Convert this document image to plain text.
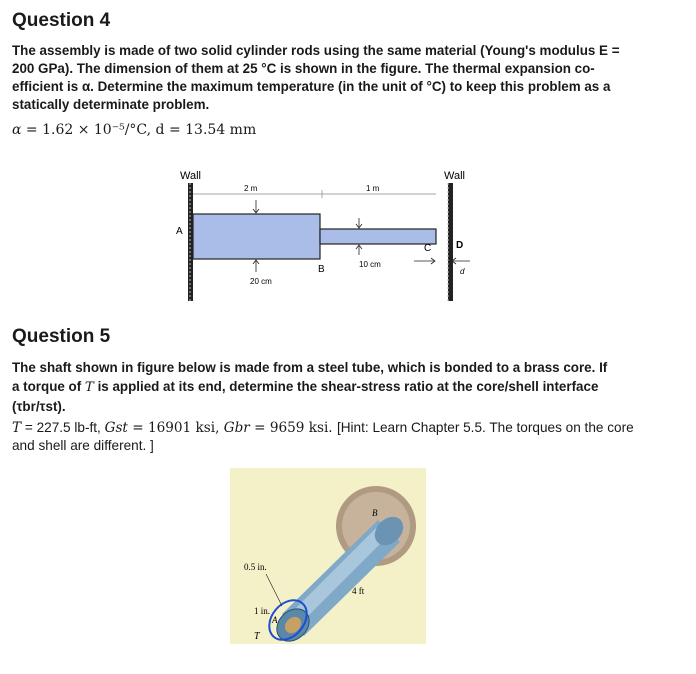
Question 4

The assembly is made of two solid cylinder rods using the same material (Young's modulus E = 200 GPa). The dimension of them at 25 °C is shown in the figure. The thermal expansion co-efficient is α. Determine the maximum temperature (in the unit of °C) to keep this problem as a statically determinate problem.

α = 1.62 × 10⁻⁵/°C, d = 13.54 mm
Wall
A
Wall
D
2 m	1 m
20 cm
10 cm
B
C
d
Question 5
The shaft shown in figure below is made from a steel tube, which is bonded to a brass core. If
a torque of T is applied at its end, determine the shear-stress ratio at the core/shell interface
(τbr/τst).
T = 227.5 lb-ft, Gst = 16901 ksi, Gbr = 9659 ksi. [Hint: Learn Chapter 5.5. The torques on the core and shell are different. ]
B
4 ft
0.5 in.
1 in.
A
T
